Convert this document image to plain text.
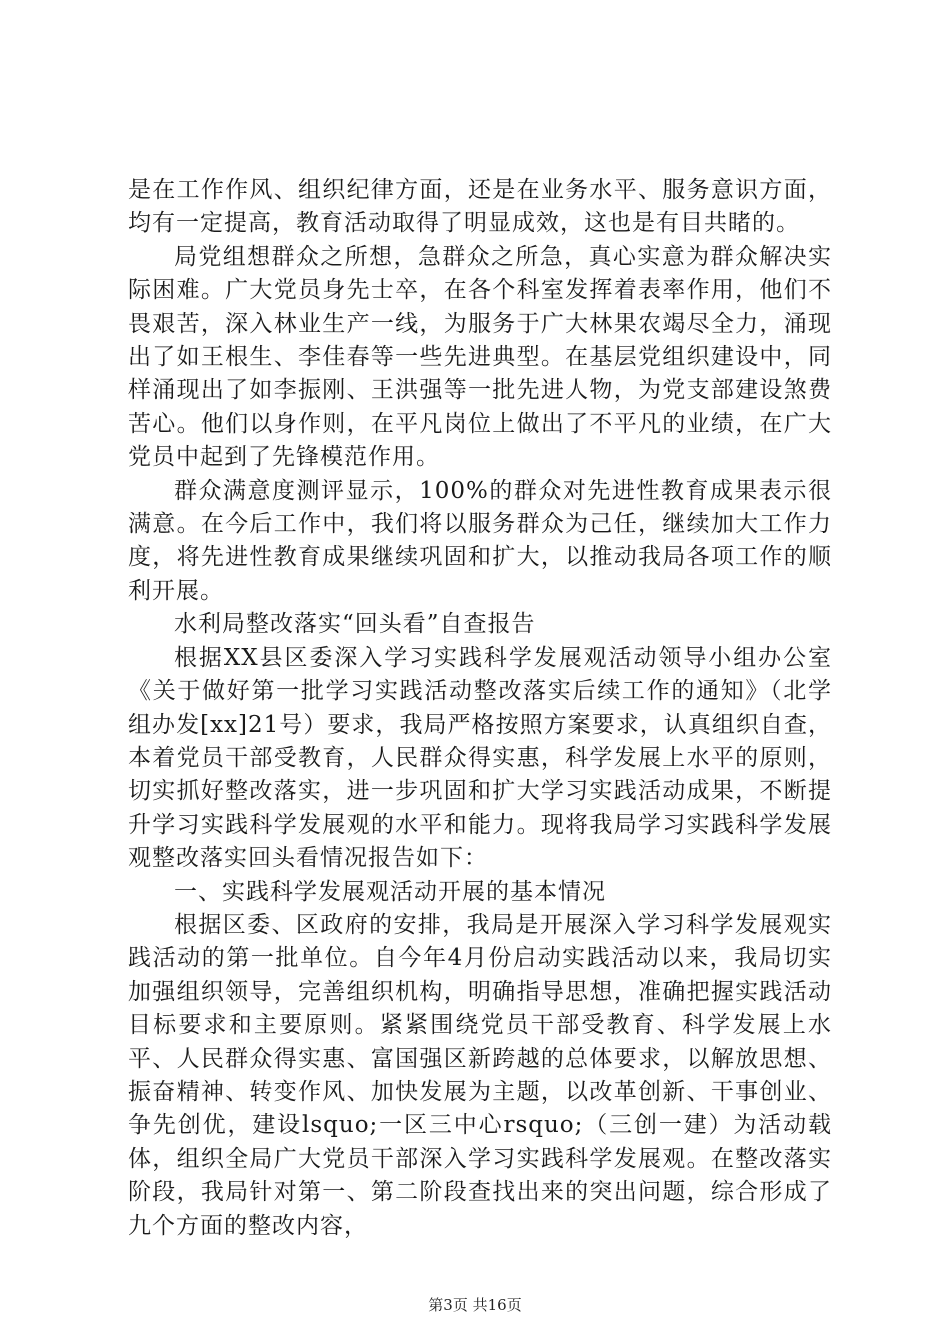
是在工作作风、组织纪律方面，还是在业务水平、服务意识方面，均有一定提高，教育活动取得了明显成效，这也是有目共睹的。

局党组想群众之所想，急群众之所急，真心实意为群众解决实际困难。广大党员身先士卒，在各个科室发挥着表率作用，他们不畏艰苦，深入林业生产一线，为服务于广大林果农竭尽全力，涌现出了如王根生、李佳春等一些先进典型。在基层党组织建设中，同样涌现出了如李振刚、王洪强等一批先进人物，为党支部建设煞费苦心。他们以身作则，在平凡岗位上做出了不平凡的业绩，在广大党员中起到了先锋模范作用。

群众满意度测评显示，100%的群众对先进性教育成果表示很满意。在今后工作中，我们将以服务群众为己任，继续加大工作力度，将先进性教育成果继续巩固和扩大，以推动我局各项工作的顺利开展。

水利局整改落实“回头看”自查报告

根据XX县区委深入学习实践科学发展观活动领导小组办公室《关于做好第一批学习实践活动整改落实后续工作的通知》（北学组办发[xx]21号）要求，我局严格按照方案要求，认真组织自查，本着党员干部受教育，人民群众得实惠，科学发展上水平的原则，切实抓好整改落实，进一步巩固和扩大学习实践活动成果，不断提升学习实践科学发展观的水平和能力。现将我局学习实践科学发展观整改落实回头看情况报告如下：

一、实践科学发展观活动开展的基本情况

根据区委、区政府的安排，我局是开展深入学习科学发展观实践活动的第一批单位。自今年4月份启动实践活动以来，我局切实加强组织领导，完善组织机构，明确指导思想，准确把握实践活动目标要求和主要原则。紧紧围绕党员干部受教育、科学发展上水平、人民群众得实惠、富国强区新跨越的总体要求，以解放思想、振奋精神、转变作风、加快发展为主题，以改革创新、干事创业、争先创优，建设lsquo;一区三中心rsquo;（三创一建）为活动载体，组织全局广大党员干部深入学习实践科学发展观。在整改落实阶段，我局针对第一、第二阶段查找出来的突出问题，综合形成了九个方面的整改内容，

第3页 共16页
